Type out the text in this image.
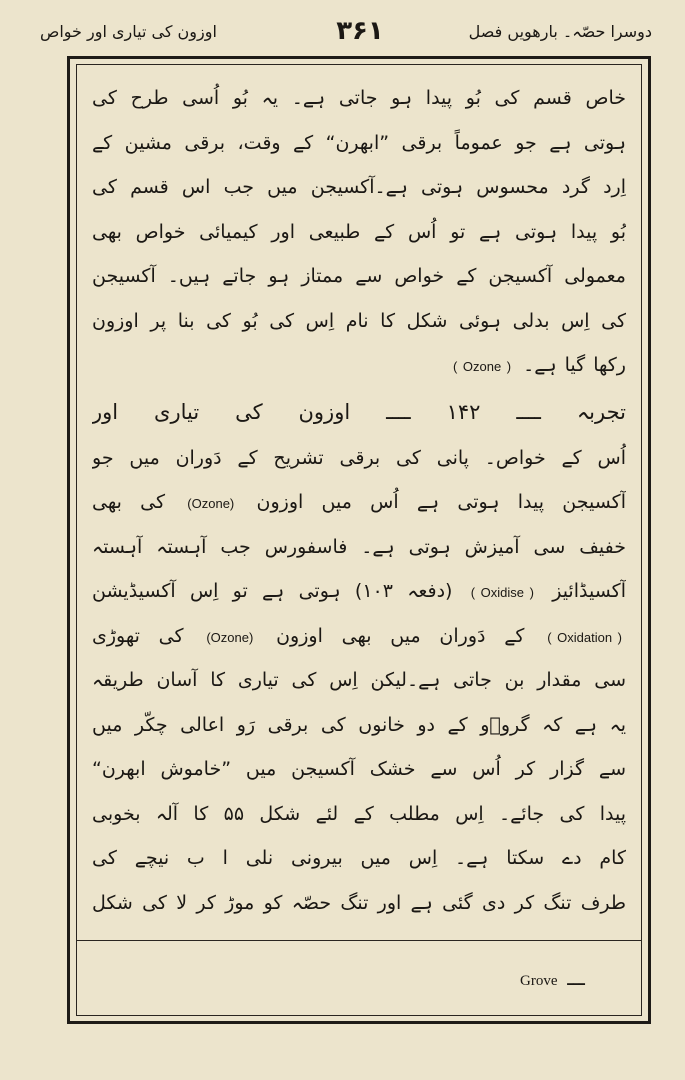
اوزون کی تیاری اور خواص	۳۶۱	دوسرا حصّہ۔ بارھویں فصل
خاص قسم کی بُو پیدا ہو جاتی ہے۔ یہ بُو اُسی طرح کی
ہوتی ہے جو عموماً برقی ”ابھرن“ کے وقت، برقی مشین کے
اِرد گرد محسوس ہوتی ہے۔آکسیجن میں جب اس قسم کی
بُو پیدا ہوتی ہے تو اُس کے طبیعی اور کیمیائی خواص بھی
معمولی آکسیجن کے خواص سے ممتاز ہو جاتے ہیں۔ آکسیجن
کی اِس بدلی ہوئی شکل کا نام اِس کی بُو کی بنا پر اوزون
رکھا گیا ہے۔ ( Ozone )
تجربہ ــــ ۱۴۲ ــــ اوزون کی تیاری اور
اُس کے خواص۔ پانی کی برقی تشریح کے دَوران میں جو
آکسیجن پیدا ہوتی ہے اُس میں اوزون (Ozone) کی بھی
خفیف سی آمیزش ہوتی ہے۔ فاسفورس جب آہستہ آہستہ
آکسیڈائیز ( Oxidise ) (دفعہ ۱۰۳) ہوتی ہے تو اِس آکسیڈیشن
( Oxidation ) کے دَوران میں بھی اوزون (Ozone) کی تھوڑی
سی مقدار بن جاتی ہے۔لیکن اِس کی تیاری کا آسان طریقہ
یہ ہے کہ گروؔو کے دو خانوں کی برقی رَو اعالی چکّر میں
سے گزار کر اُس سے خشک آکسیجن میں ”خاموش ابھرن“
پیدا کی جائے۔ اِس مطلب کے لئے شکل ۵۵ کا آلہ بخوبی
کام دے سکتا ہے۔ اِس میں بیرونی نلی ا ب نیچے کی
طرف تنگ کر دی گئی ہے اور تنگ حصّہ کو موڑ کر لا کی شکل
Grove ـــ
